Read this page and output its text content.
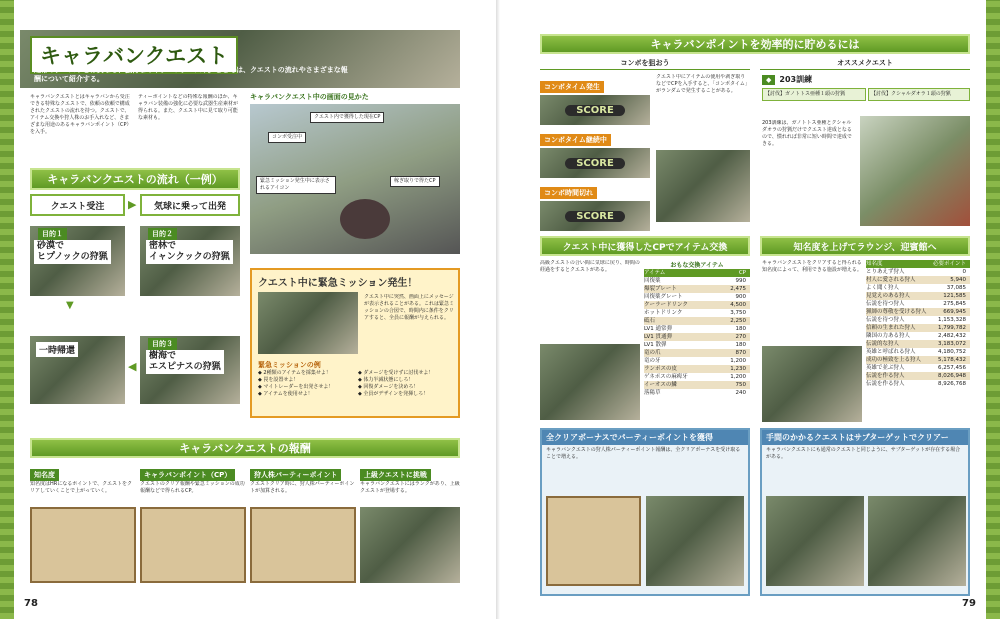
キャラバンクエスト
通常のクエストとは異なる、独特なキャラバンクエスト。ここでは、クエストの流れやさまざまな報酬について紹介する。
キャラバンクエストとはキャラバンから受注できる特殊なクエストで、依頼の依頼で構成されたクエストの流れを持つ。クエストで、アイテム交換や狩人株のお手入れなど、さまざまな用途のあるキャラバンポイント（CP）を入手。
ティーポイントなどの特殊な報酬のほか、キャラバン装備の強化に必要な武器生産素材が得られる。また、クエスト中に見て取り可能な素材も。
キャラバンクエスト中の画面の見かた
クエスト内で獲得した現在CP
コンボ受注中
緊急ミッション発生中に表示されるアイコン
稼ぎ取りで得たCP
キャラバンクエストの流れ（一例）
クエスト受注 ▶ 気球に乗って出発
目的１
砂漠で
ヒプノックの狩猟
目的２
密林で
イャンクックの狩猟
▼
一時帰還
◀
目的３
樹海で
エスピナスの狩猟
クエスト中に緊急ミッション発生！
クエスト中に突然、画面上にメッセージが表示されることがある。これは緊急ミッションの合図で、時間内に条件をクリアすると、全員に報酬が与えられる。
緊急ミッションの例
◆ 2種類のアイテムを採集せよ！
◆ 罠を設置せよ！
◆ マイトレーダーを出発させよ！
◆ アイテムを使用せよ！
◆ ダメージを受けずに討伐せよ！
◆ 体力半減状態にしろ！
◆ 回復ダメージを決めろ！
◆ 全員がデザインを発揮しろ！
キャラバンクエストの報酬
知名度
知名度はHRになるポイントで、クエストをクリアしていくことで上がっていく。
キャラバンポイント（CP）
クエストのクリア報酬や緊急ミッションの成功報酬などで得られるCP。
狩人株パーティーポイント
クエストクリア時に、狩人株パーティーポイントが加算される。
上級クエストに挑戦
キャラバンクエストにはランクがあり、上級クエストが登場する。
78
キャラバンポイントを効率的に貯めるには
コンボを狙おう
コンボタイム発生
SCORE
コンボタイム継続中
SCORE
コンボ時間切れ
SCORE
クエスト中にアイテムの使用や剥ぎ取りなどでCPを入手すると、「コンボタイム」がランダムで発生することがある。
オススメクエスト
◆	203訓練
【討伐】ガノトトス亜種１頭の狩猟	【討伐】クシャルダオラ１頭の狩猟
203訓練は、ガノトトス亜種とクシャルダオラの狩猟だけでクエスト達成となるので、慣れれば非常に短い時間で達成できる。
クエスト中に獲得したCPでアイテム交換
高級クエストの合い間に気球に戻り、時間の経過をするとクエストがある。
おもな交換アイテム
アイテム	CP
回復薬	990
爆裂プレート	2,475
回復薬グレート	900
クーラードリンク	4,500
ホットドリンク	3,750
砥石	2,250
LV1 通常弾	180
LV1 貫通弾	270
LV1 散弾	180
竜の爪	870
竜の牙	1,200
ランポスの皮	1,230
ゲネポスの麻痺牙	1,200
イーオスの鱗	750
落陽草	240
知名度を上げてラウンジ、迎賓館へ
キャラバンクエストをクリアすると得られる知名度によって、利用できる施設が増える。
知名度	必要ポイント
とりあえず狩人	0
村人に愛される狩人	5,940
よく聞く狩人	37,085
見覚えのある狩人	121,585
伝説を待つ狩人	275,845
猟師の尊敬を受ける狩人	669,945
伝説を待つ狩人	1,153,328
信頼の生まれた狩人	1,799,782
隣国の力ある狩人	2,482,432
伝説的な狩人	3,183,072
英雄と呼ばれる狩人	4,180,752
成功の極致を上る狩人	5,178,432
英雄で並ぶ狩人	6,257,456
伝説を作る狩人	8,026,948
伝説を作る狩人	8,926,768
全クリアボーナスでパーティーポイントを獲得
キャラバンクエストの狩人株パーティーポイント報酬は、全クリアボーナスを受け取ることで増える。
手間のかかるクエストはサブターゲットでクリアー
キャラバンクエストにも通常のクエストと同じように、サブターゲットが存在する場合がある。
79
